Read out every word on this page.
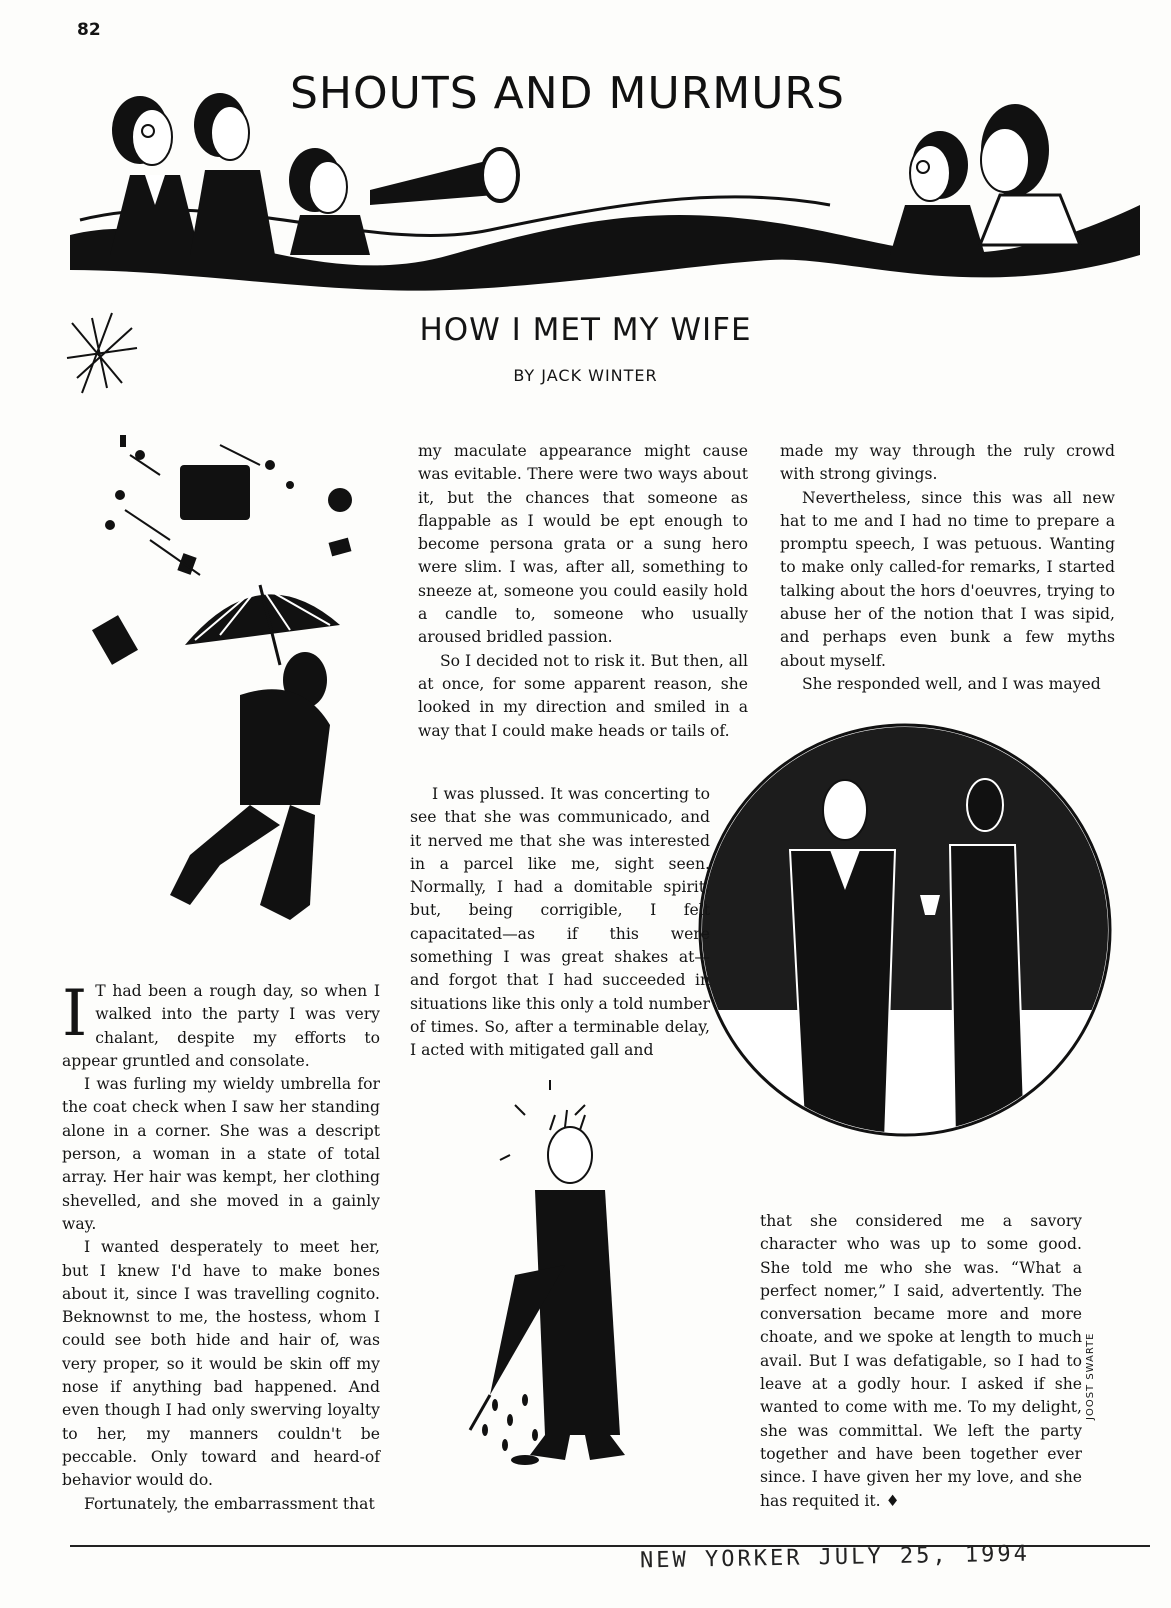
82
SHOUTS AND MURMURS
HOW I MET MY WIFE
BY JACK WINTER

I T had been a rough day, so when I walked into the party I was very chalant, despite my efforts to appear gruntled and consolate.

I was furling my wieldy umbrella for the coat check when I saw her standing alone in a corner. She was a descript person, a woman in a state of total array. Her hair was kempt, her clothing shevelled, and she moved in a gainly way.

I wanted desperately to meet her, but I knew I'd have to make bones about it, since I was travelling cognito. Beknownst to me, the hostess, whom I could see both hide and hair of, was very proper, so it would be skin off my nose if anything bad happened. And even though I had only swerving loyalty to her, my manners couldn't be peccable. Only toward and heard-of behavior would do.

Fortunately, the embarrassment that

my maculate appearance might cause was evitable. There were two ways about it, but the chances that someone as flappable as I would be ept enough to become persona grata or a sung hero were slim. I was, after all, something to sneeze at, someone you could easily hold a candle to, someone who usually aroused bridled passion.

So I decided not to risk it. But then, all at once, for some apparent reason, she looked in my direction and smiled in a way that I could make heads or tails of.

I was plussed. It was concerting to see that she was communicado, and it nerved me that she was interested in a parcel like me, sight seen. Normally, I had a domitable spirit, but, being corrigible, I felt capacitated—as if this were something I was great shakes at—and forgot that I had succeeded in situations like this only a told number of times. So, after a terminable delay, I acted with mitigated gall and

made my way through the ruly crowd with strong givings.

Nevertheless, since this was all new hat to me and I had no time to prepare a promptu speech, I was petuous. Wanting to make only called-for remarks, I started talking about the hors d'oeuvres, trying to abuse her of the notion that I was sipid, and perhaps even bunk a few myths about myself.

She responded well, and I was mayed

that she considered me a savory character who was up to some good. She told me who she was. “What a perfect nomer,” I said, advertently. The conversation became more and more choate, and we spoke at length to much avail. But I was defatigable, so I had to leave at a godly hour. I asked if she wanted to come with me. To my delight, she was committal. We left the party together and have been together ever since. I have given her my love, and she has requited it. ♦

JOOST SWARTE
NEW YORKER JULY 25, 1994
